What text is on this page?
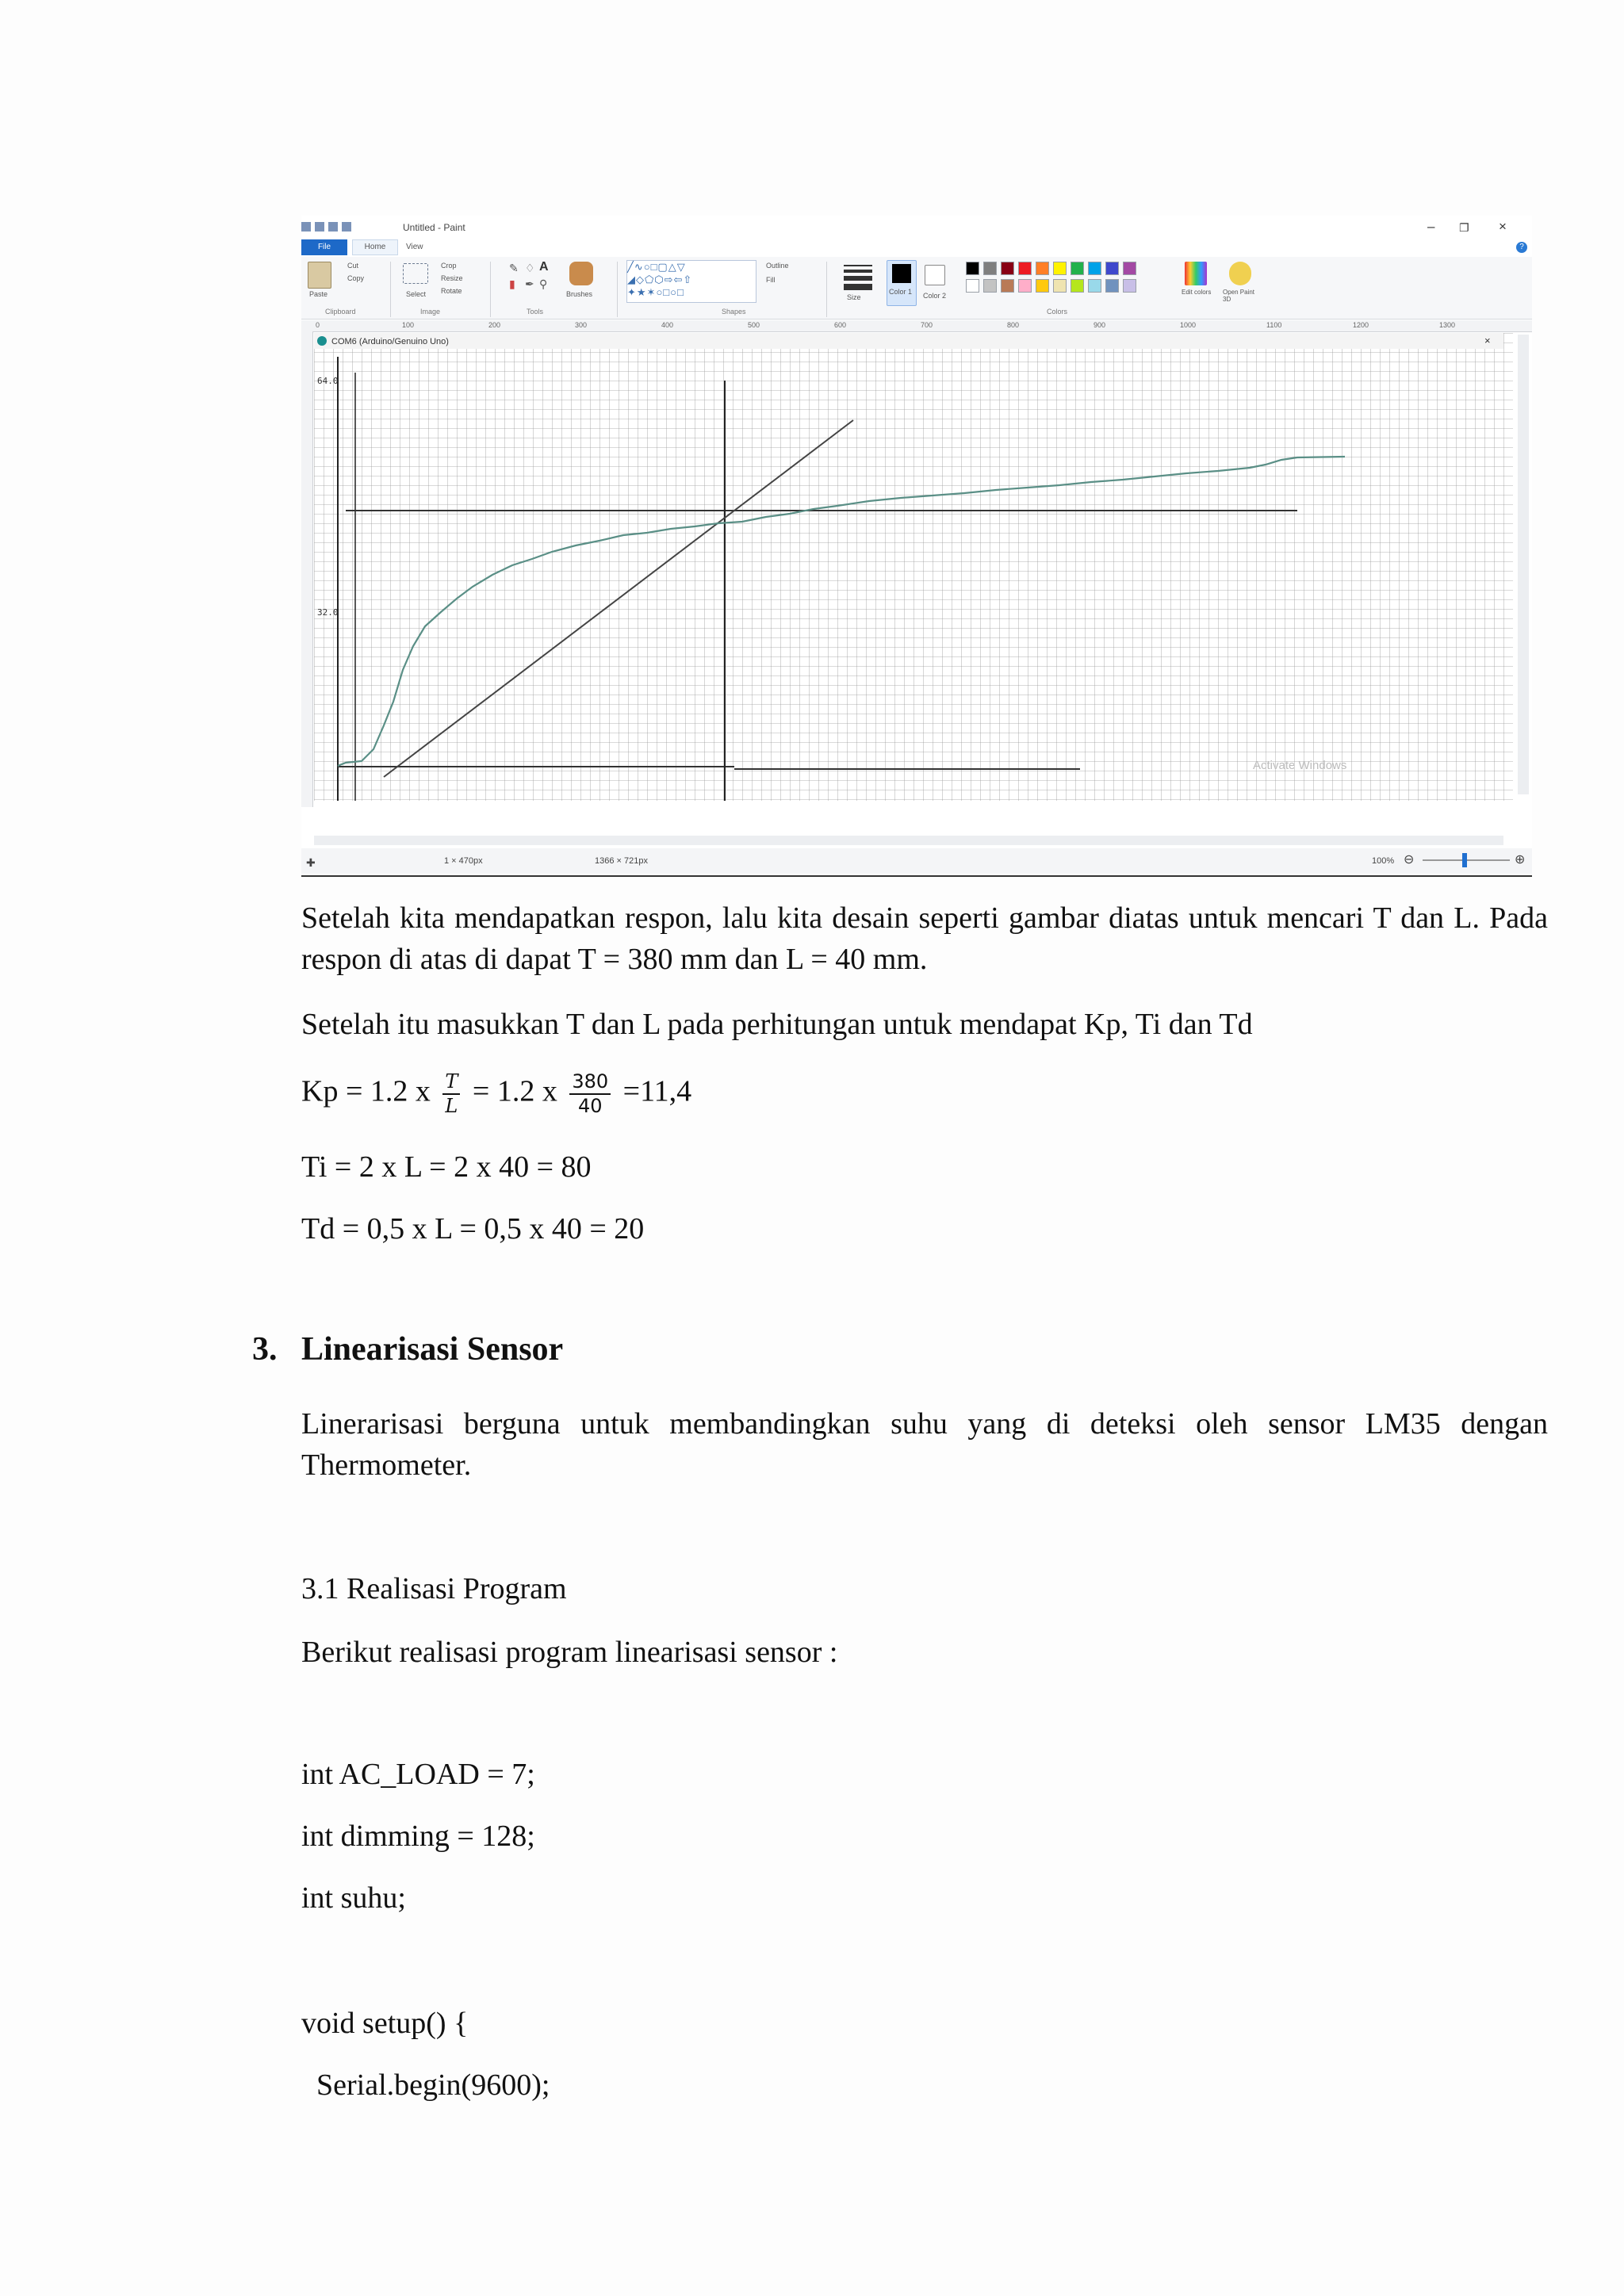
Untitled - Paint	– ❐ ×
File	Home	View	?
Paste
Cut
Copy
Clipboard
Select
Crop
Resize
Rotate
Image
✎ ♢ A
▮ ✒ ⚲
Tools
Brushes
╱∿○□▢△▽
◢◇⬠⬡⇨⇦⇧
✦★✶○□○□
Outline
Fill
Shapes
Size
Color 1 Color 2	Edit colors	Open Paint 3D
Colors
0	100	200	300	400	500	600	700	800	900	1000	1100	1200	1300
COM6 (Arduino/Genuino Uno)	×
64.0
32.0
Activate Windows
✚	1 × 470px	1366 × 721px	100% ⊖	⊕

Setelah kita mendapatkan respon, lalu kita desain seperti gambar diatas untuk mencari T dan L. Pada respon di atas di dapat T = 380 mm dan L = 40 mm.

Setelah itu masukkan T dan L pada perhitungan untuk mendapat Kp, Ti dan Td

Kp = 1.2 x $\frac{T}{L} = 1.2$ x $\frac{380}{40} =11,4$

Ti = 2 x L = 2 x 40 = 80

Td = 0,5 x L = 0,5 x 40 = 20

3. Linearisasi Sensor

Linerarisasi berguna untuk membandingkan suhu yang di deteksi oleh sensor LM35 dengan Thermometer.

3.1 Realisasi Program

Berikut realisasi program linearisasi sensor :

int AC_LOAD = 7;
int dimming = 128;
int suhu;
void setup() {
Serial.begin(9600);
